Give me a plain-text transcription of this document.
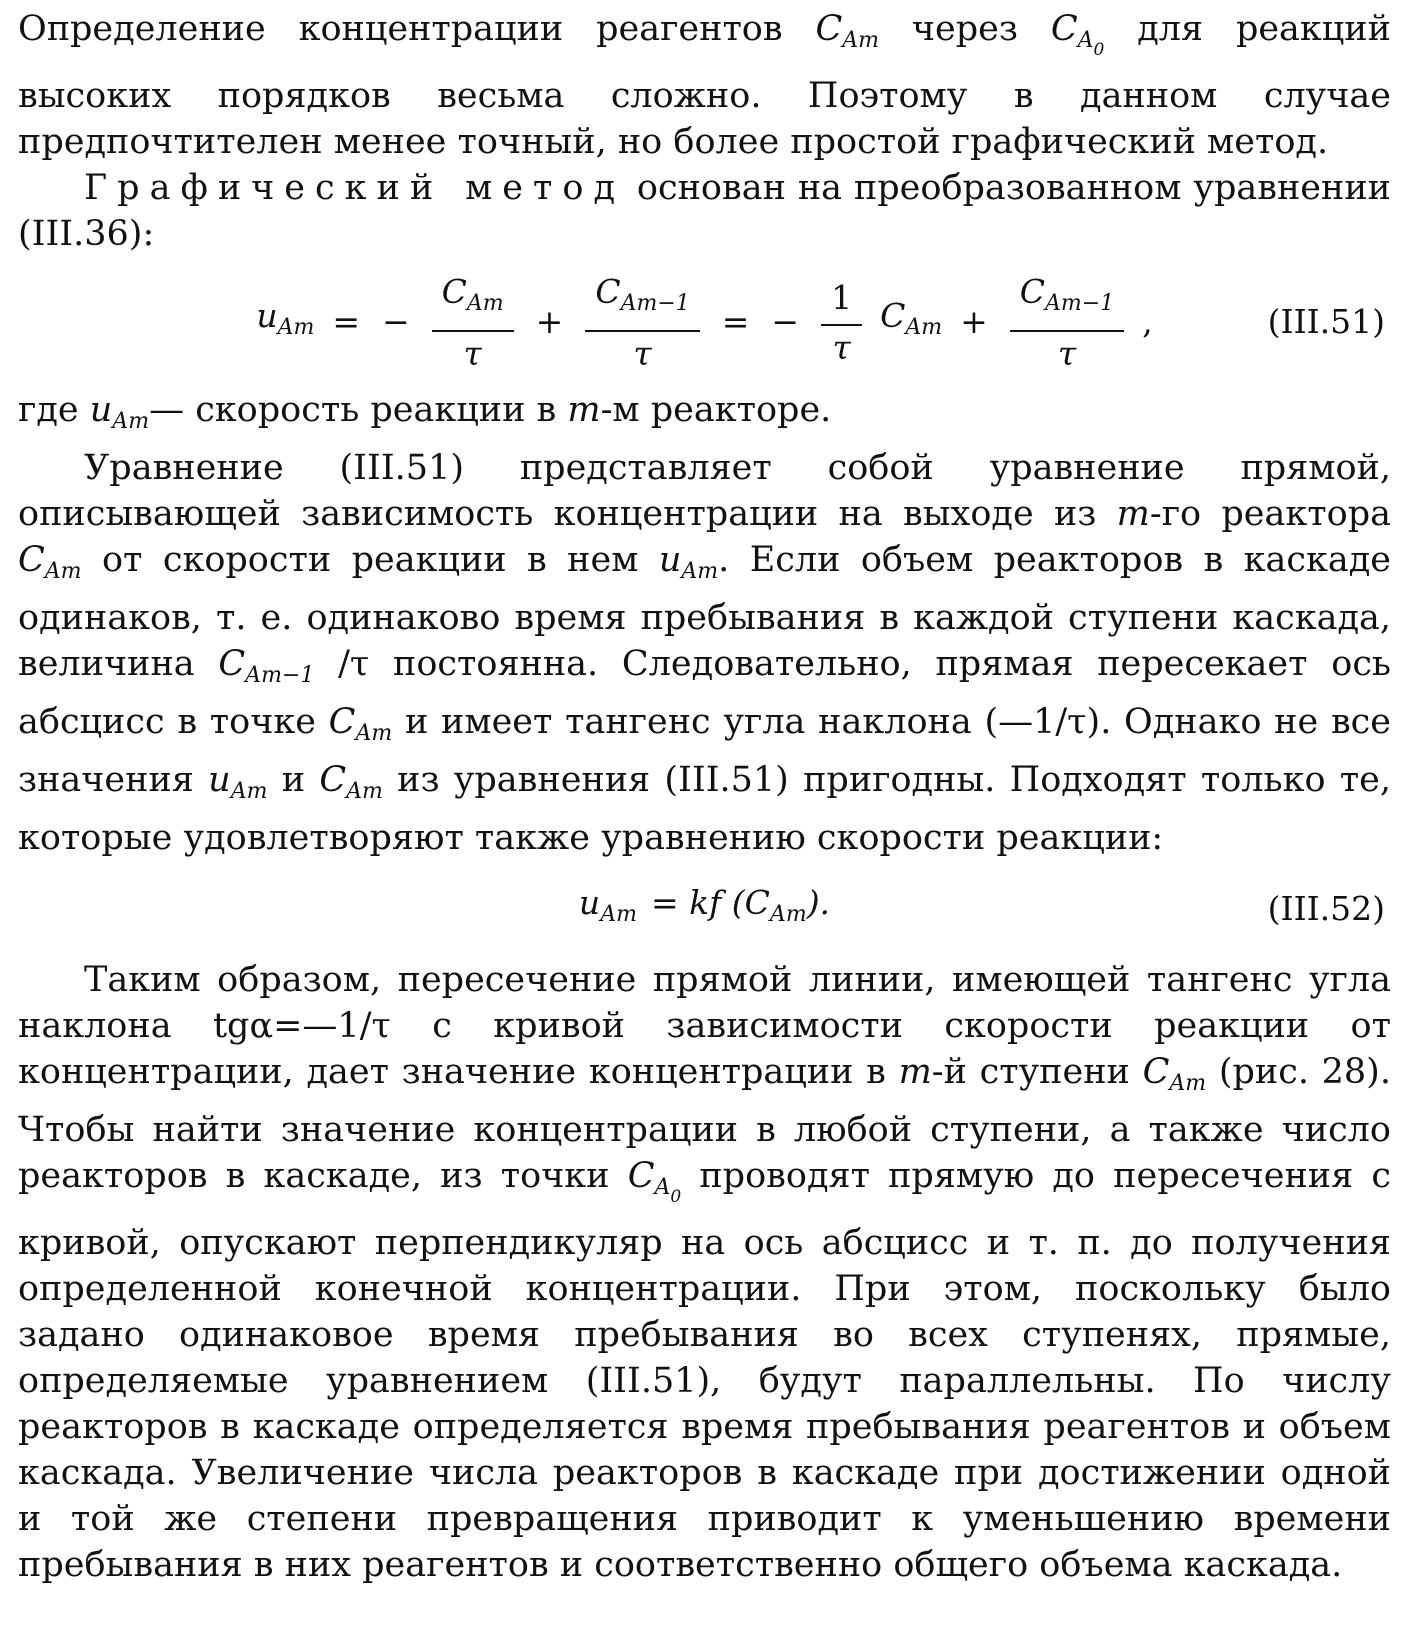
Определение концентрации реагентов $C_{Am}$ через $C_{A_0}$ для реакций высоких порядков весьма сложно. Поэтому в данном случае предпочтителен менее точный, но более простой графический метод.

Графический метод основан на преобразованном уравнении (III.36):

$u_{Am}$ = − $\frac{C_{Am}}{\tau} + \frac{C_{Am-1}}{\tau}$ = − $\frac{1}{\tau} C_{Am} + \frac{C_{Am-1}}{\tau}$ ,	(III.51)

где $u_{Am}—$ скорость реакции в m-м реакторе.

Уравнение (III.51) представляет собой уравнение прямой, описывающей зависимость концентрации на выходе из m-го реактора $C_{Am}$ от скорости реакции в нем $u_{Am}$. Если объем реакторов в каскаде одинаков, т. е. одинаково время пребывания в каждой ступени каскада, величина $C_{Am-1}$ /τ постоянна. Следовательно, прямая пересекает ось абсцисс в точке $C_{Am}$ и имеет тангенс угла наклона (—1/τ). Однако не все значения $u_{Am}$ и $C_{Am}$ из уравнения (III.51) пригодны. Подходят только те, которые удовлетворяют также уравнению скорости реакции:

$u_{Am}$ = kf $(C_{Am})$.	(III.52)

Таким образом, пересечение прямой линии, имеющей тангенс угла наклона tgα=—1/τ с кривой зависимости скорости реакции от концентрации, дает значение концентрации в m-й ступени $C_{Am}$ (рис. 28). Чтобы найти значение концентрации в любой ступени, а также число реакторов в каскаде, из точки $C_{A_0}$ проводят прямую до пересечения с кривой, опускают перпендикуляр на ось абсцисс и т. п. до получения определенной конечной концентрации. При этом, поскольку было задано одинаковое время пребывания во всех ступенях, прямые, определяемые уравнением (III.51), будут параллельны. По числу реакторов в каскаде определяется время пребывания реагентов и объем каскада. Увеличение числа реакторов в каскаде при достижении одной и той же степени превращения приводит к уменьшению времени пребывания в них реагентов и соответственно общего объема каскада.
